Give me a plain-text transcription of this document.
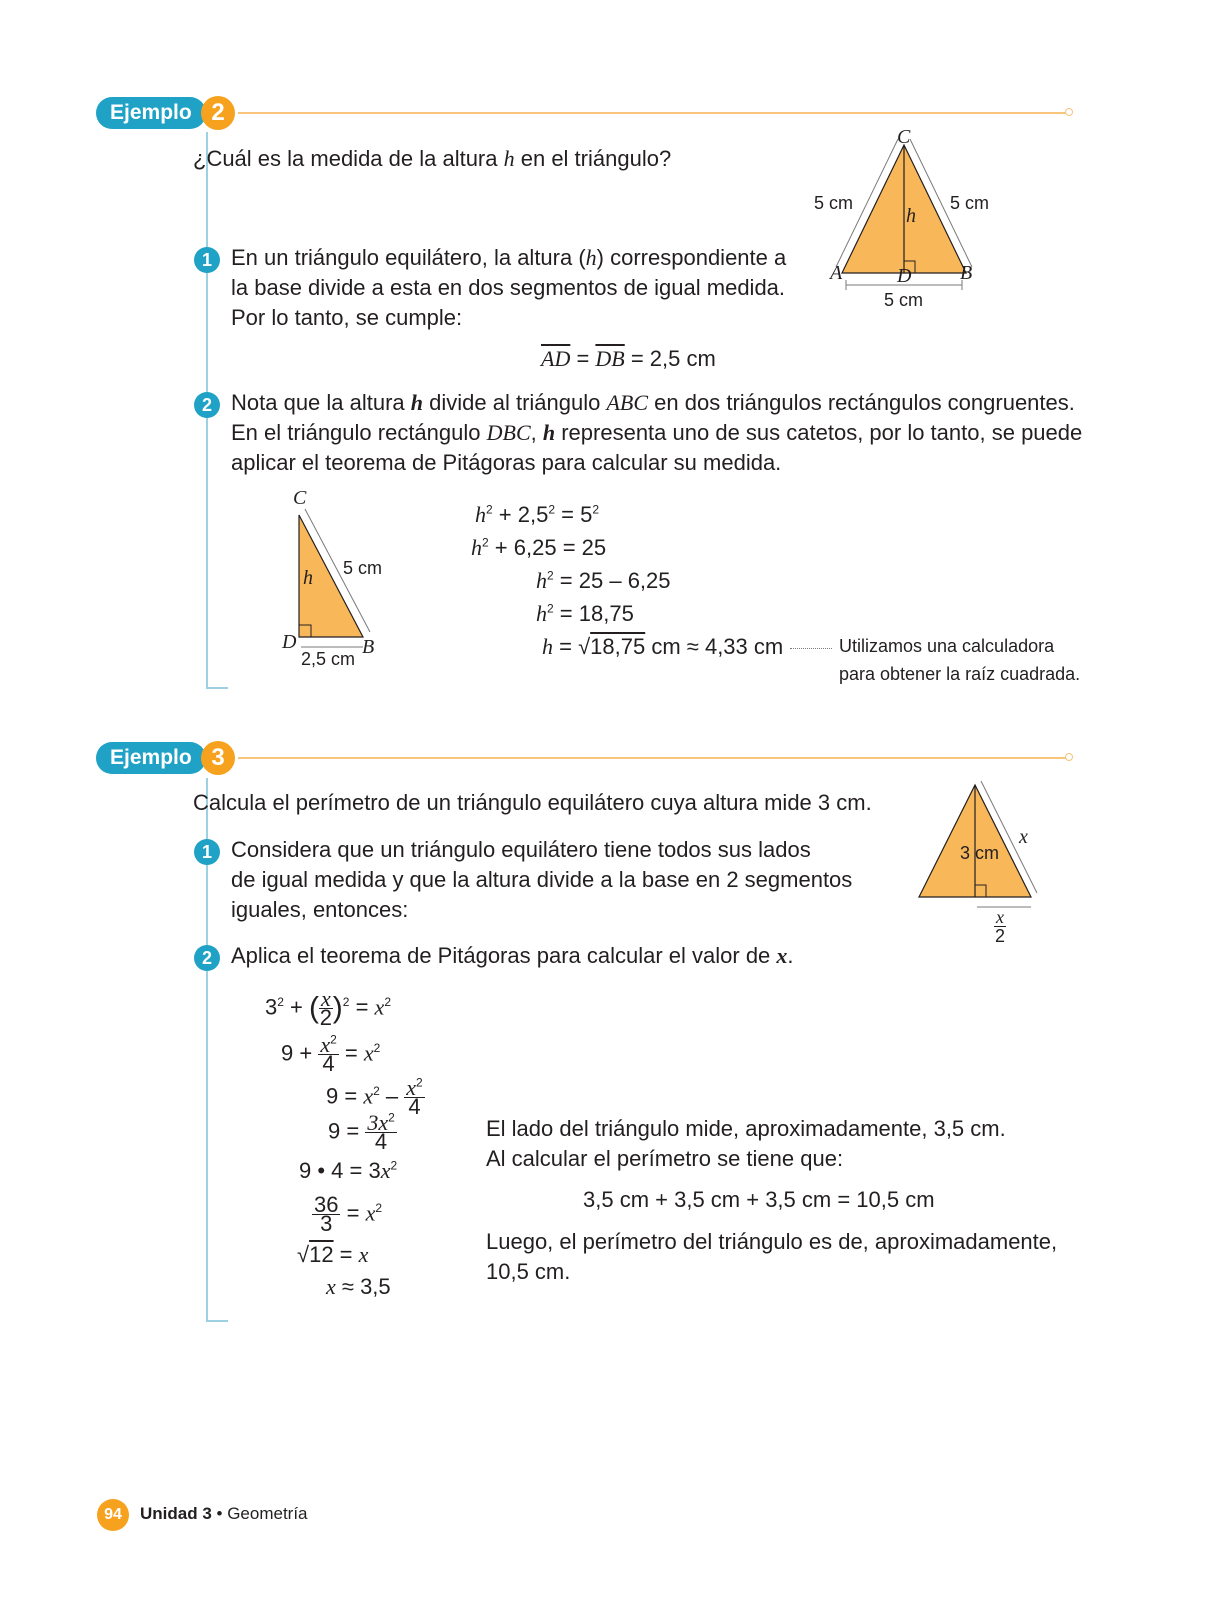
Ejemplo 2
¿Cuál es la medida de la altura h en el triángulo?
C
A	B
D
h
5 cm	5 cm
5 cm
1 En un triángulo equilátero, la altura (h) correspondiente a
la base divide a esta en dos segmentos de igual medida.
Por lo tanto, se cumple:
$\overline{AD} = \overline{DB} = 2,5$ cm
2 Nota que la altura h divide al triángulo ABC en dos triángulos rectángulos congruentes.
En el triángulo rectángulo DBC, h representa uno de sus catetos, por lo tanto, se puede
aplicar el teorema de Pitágoras para calcular su medida.
C
D	B
h 5 cm
2,5 cm
$h^2 + 2,5^2 = 5^2$
$h^2 + 6,25 = 25$
$h^2 = 25 - 6,25$
$h^2 = 18,75$
h = √18,75 cm ≈ 4,33 cm	Utilizamos una calculadora
para obtener la raíz cuadrada.
Ejemplo 3
Calcula el perímetro de un triángulo equilátero cuya altura mide 3 cm.
3 cm
x
$\frac{x}{2}$
1 Considera que un triángulo equilátero tiene todos sus lados
de igual medida y que la altura divide a la base en 2 segmentos
iguales, entonces:
2 Aplica el teorema de Pitágoras para calcular el valor de x.
$3^2$ + ( $\frac{x}{2} )^2 = x^2$
$9 + \frac{x^2}{4} = x^2$
$9 = x^2 - \frac{x^2}{4}$
$9 = \frac{3x^2}{4}$
9 • $4 = 3x^2$
$\frac{36}{3} = x^2$
√12 = x
x ≈ 3,5
El lado del triángulo mide, aproximadamente, 3,5 cm.
Al calcular el perímetro se tiene que:
3,5 cm + 3,5 cm + 3,5 cm = 10,5 cm
Luego, el perímetro del triángulo es de, aproximadamente,
10,5 cm.
94	Unidad 3 • Geometría
